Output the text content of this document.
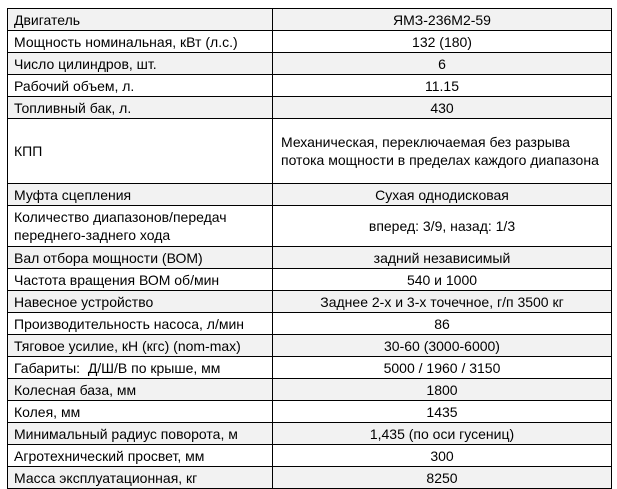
Двигатель	ЯМЗ-236М2-59
Мощность номинальная, кВт (л.с.)	132 (180)
Число цилиндров, шт.	6
Рабочий объем, л.	11.15
Топливный бак, л.	430
КПП	Механическая, переключаемая без разрыва потока мощности в пределах каждого диапазона
Муфта сцепления	Сухая однодисковая
Количество диапазонов/передач переднего-заднего хода	вперед: 3/9, назад: 1/3
Вал отбора мощности (ВОМ)	задний независимый
Частота вращения ВОМ об/мин	540 и 1000
Навесное устройство	Заднее 2-х и 3-х точечное, г/п 3500 кг
Производительность насоса, л/мин	86
Тяговое усилие, кН (кгс) (nom-max)	30-60 (3000-6000)
Габариты:  Д/Ш/В по крыше, мм	5000 / 1960 / 3150
Колесная база, мм	1800
Колея, мм	1435
Минимальный радиус поворота, м	1,435 (по оси гусениц)
Агротехнический просвет, мм	300
Масса эксплуатационная, кг	8250
